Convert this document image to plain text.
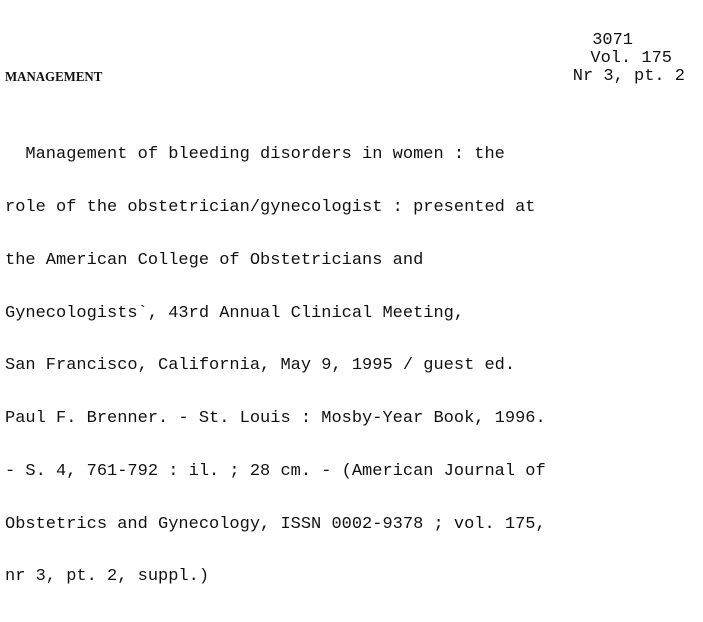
MANAGEMENT
3071
Vol. 175
Nr 3, pt. 2

Management of bleeding disorders in women : the

role of the obstetrician/gynecologist : presented at

the American College of Obstetricians and

Gynecologists`, 43rd Annual Clinical Meeting,

San Francisco, California, May 9, 1995 / guest ed.

Paul F. Brenner. - St. Louis : Mosby-Year Book, 1996.

- S. 4, 761-792 : il. ; 28 cm. - (American Journal of

Obstetrics and Gynecology, ISSN 0002-9378 ; vol. 175,

nr 3, pt. 2, suppl.)
